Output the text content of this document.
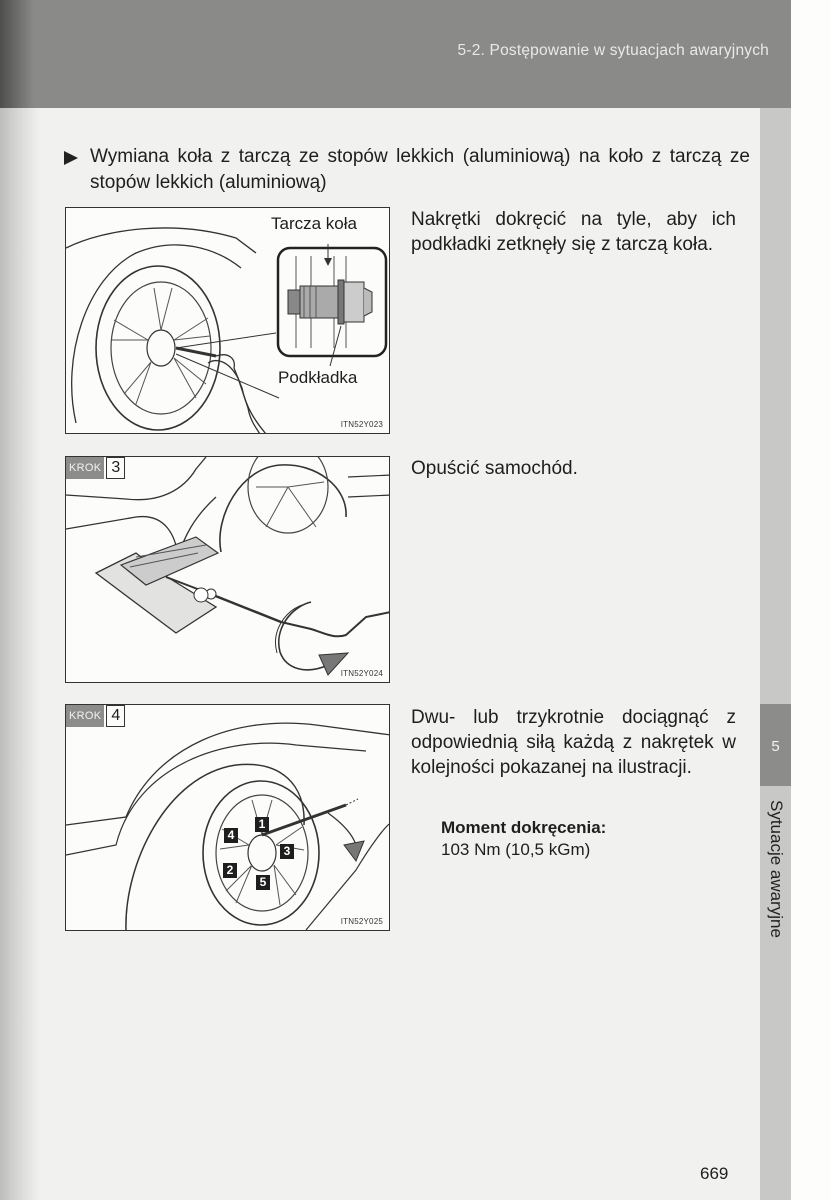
5-2. Postępowanie w sytuacjach awaryjnych
5
Sytuacje awaryjne
Wymiana koła z tarczą ze stopów lekkich (aluminiową) na koło z tarczą ze stopów lekkich (aluminiową)
Tarcza koła
Podkładka
ITN52Y023
Nakrętki dokręcić na tyle, aby ich podkładki zetknęły się z tarczą koła.
KROK 3
ITN52Y024
Opuścić samochód.
KROK 4
1
2
3
4
5
ITN52Y025
Dwu- lub trzykrotnie dociągnąć z odpowiednią siłą każdą z nakrętek w kolejności pokazanej na ilustracji.
Moment dokręcenia:
103 Nm (10,5 kGm)
669
